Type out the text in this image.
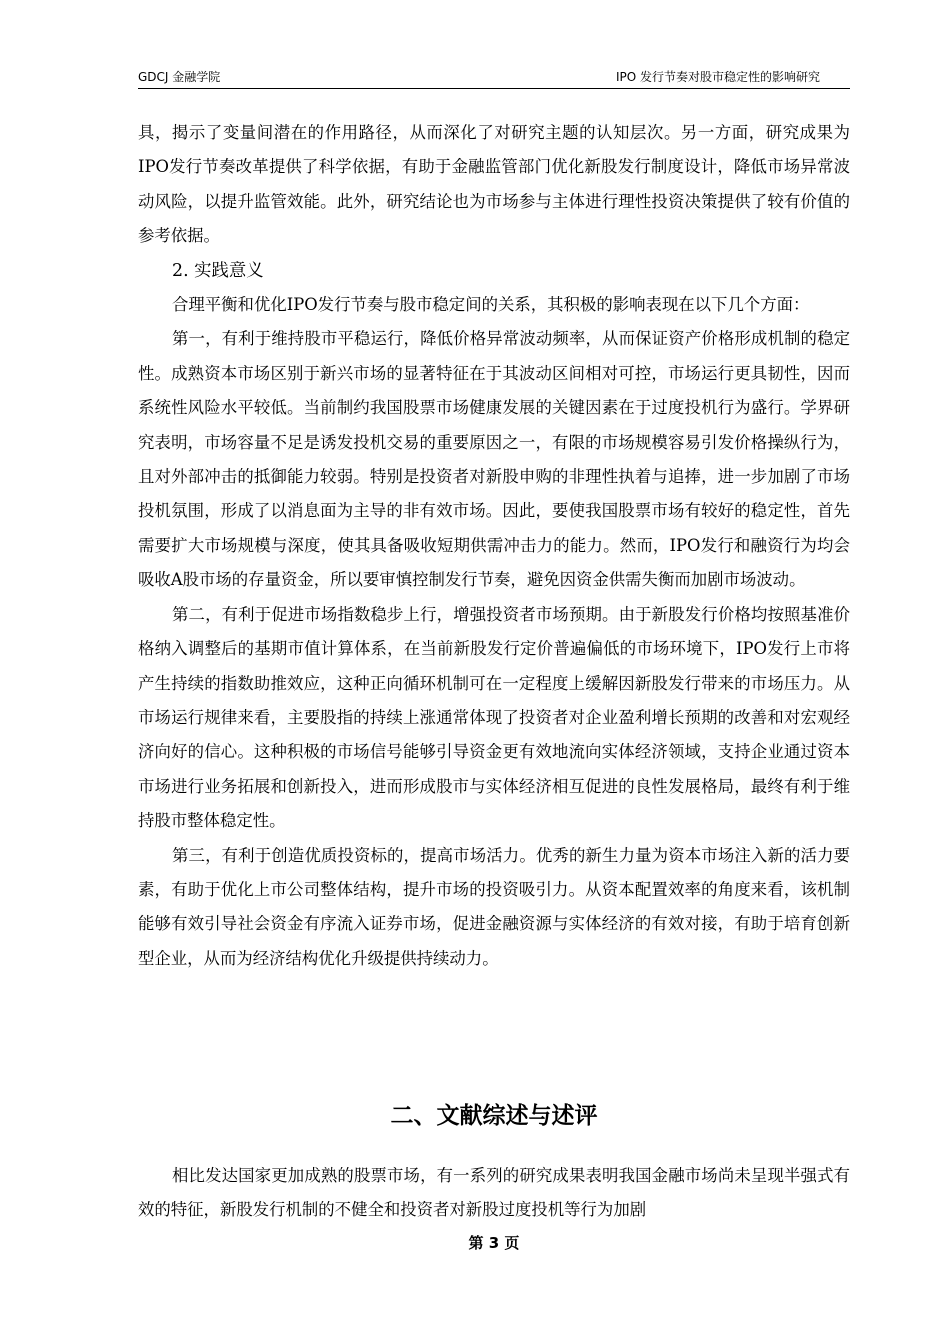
GDCJ 金融学院	IPO 发行节奏对股市稳定性的影响研究

具，揭示了变量间潜在的作用路径，从而深化了对研究主题的认知层次。另一方面，研究成果为IPO发行节奏改革提供了科学依据，有助于金融监管部门优化新股发行制度设计，降低市场异常波动风险，以提升监管效能。此外，研究结论也为市场参与主体进行理性投资决策提供了较有价值的参考依据。

2. 实践意义

合理平衡和优化IPO发行节奏与股市稳定间的关系，其积极的影响表现在以下几个方面：

第一，有利于维持股市平稳运行，降低价格异常波动频率，从而保证资产价格形成机制的稳定性。成熟资本市场区别于新兴市场的显著特征在于其波动区间相对可控，市场运行更具韧性，因而系统性风险水平较低。当前制约我国股票市场健康发展的关键因素在于过度投机行为盛行。学界研究表明，市场容量不足是诱发投机交易的重要原因之一，有限的市场规模容易引发价格操纵行为，且对外部冲击的抵御能力较弱。特别是投资者对新股申购的非理性执着与追捧，进一步加剧了市场投机氛围，形成了以消息面为主导的非有效市场。因此，要使我国股票市场有较好的稳定性，首先需要扩大市场规模与深度，使其具备吸收短期供需冲击力的能力。然而，IPO发行和融资行为均会吸收A股市场的存量资金，所以要审慎控制发行节奏，避免因资金供需失衡而加剧市场波动。

第二，有利于促进市场指数稳步上行，增强投资者市场预期。由于新股发行价格均按照基准价格纳入调整后的基期市值计算体系，在当前新股发行定价普遍偏低的市场环境下，IPO发行上市将产生持续的指数助推效应，这种正向循环机制可在一定程度上缓解因新股发行带来的市场压力。从市场运行规律来看，主要股指的持续上涨通常体现了投资者对企业盈利增长预期的改善和对宏观经济向好的信心。这种积极的市场信号能够引导资金更有效地流向实体经济领域，支持企业通过资本市场进行业务拓展和创新投入，进而形成股市与实体经济相互促进的良性发展格局，最终有利于维持股市整体稳定性。

第三，有利于创造优质投资标的，提高市场活力。优秀的新生力量为资本市场注入新的活力要素，有助于优化上市公司整体结构，提升市场的投资吸引力。从资本配置效率的角度来看，该机制能够有效引导社会资金有序流入证券市场，促进金融资源与实体经济的有效对接，有助于培育创新型企业，从而为经济结构优化升级提供持续动力。

二、文献综述与述评

相比发达国家更加成熟的股票市场，有一系列的研究成果表明我国金融市场尚未呈现半强式有效的特征，新股发行机制的不健全和投资者对新股过度投机等行为加剧

第 3 页
